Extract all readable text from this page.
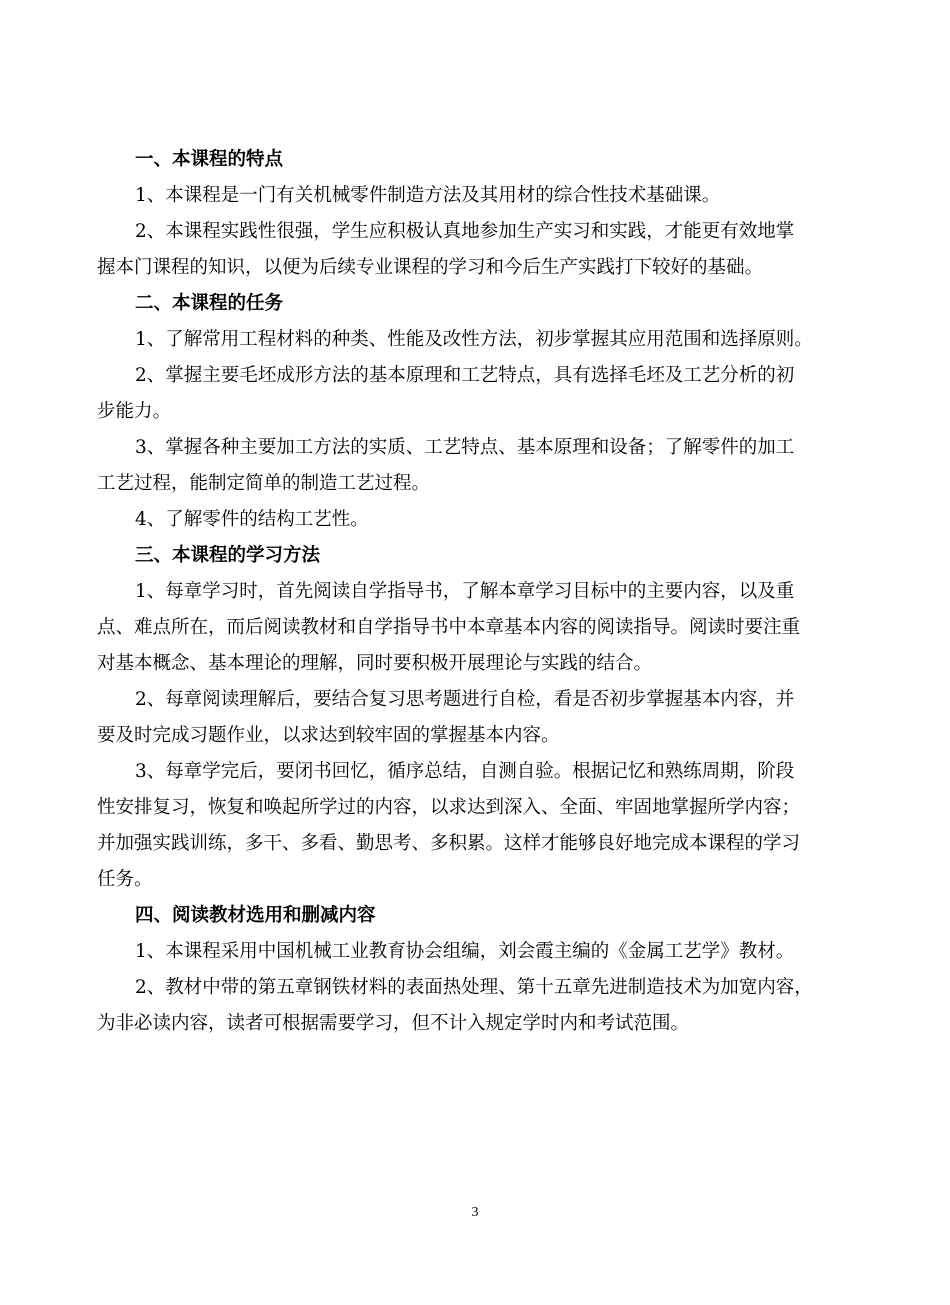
一、本课程的特点
1、本课程是一门有关机械零件制造方法及其用材的综合性技术基础课。
2、本课程实践性很强，学生应积极认真地参加生产实习和实践，才能更有效地掌
握本门课程的知识，以便为后续专业课程的学习和今后生产实践打下较好的基础。
二、本课程的任务
1、了解常用工程材料的种类、性能及改性方法，初步掌握其应用范围和选择原则。
2、掌握主要毛坯成形方法的基本原理和工艺特点，具有选择毛坯及工艺分析的初
步能力。
3、掌握各种主要加工方法的实质、工艺特点、基本原理和设备；了解零件的加工
工艺过程，能制定简单的制造工艺过程。
4、了解零件的结构工艺性。
三、本课程的学习方法
1、每章学习时，首先阅读自学指导书，了解本章学习目标中的主要内容，以及重
点、难点所在，而后阅读教材和自学指导书中本章基本内容的阅读指导。阅读时要注重
对基本概念、基本理论的理解，同时要积极开展理论与实践的结合。
2、每章阅读理解后，要结合复习思考题进行自检，看是否初步掌握基本内容，并
要及时完成习题作业，以求达到较牢固的掌握基本内容。
3、每章学完后，要闭书回忆，循序总结，自测自验。根据记忆和熟练周期，阶段
性安排复习，恢复和唤起所学过的内容，以求达到深入、全面、牢固地掌握所学内容；
并加强实践训练，多干、多看、勤思考、多积累。这样才能够良好地完成本课程的学习
任务。
四、阅读教材选用和删减内容
1、本课程采用中国机械工业教育协会组编，刘会霞主编的《金属工艺学》教材。
2、教材中带的第五章钢铁材料的表面热处理、第十五章先进制造技术为加宽内容，
为非必读内容，读者可根据需要学习，但不计入规定学时内和考试范围。
3
